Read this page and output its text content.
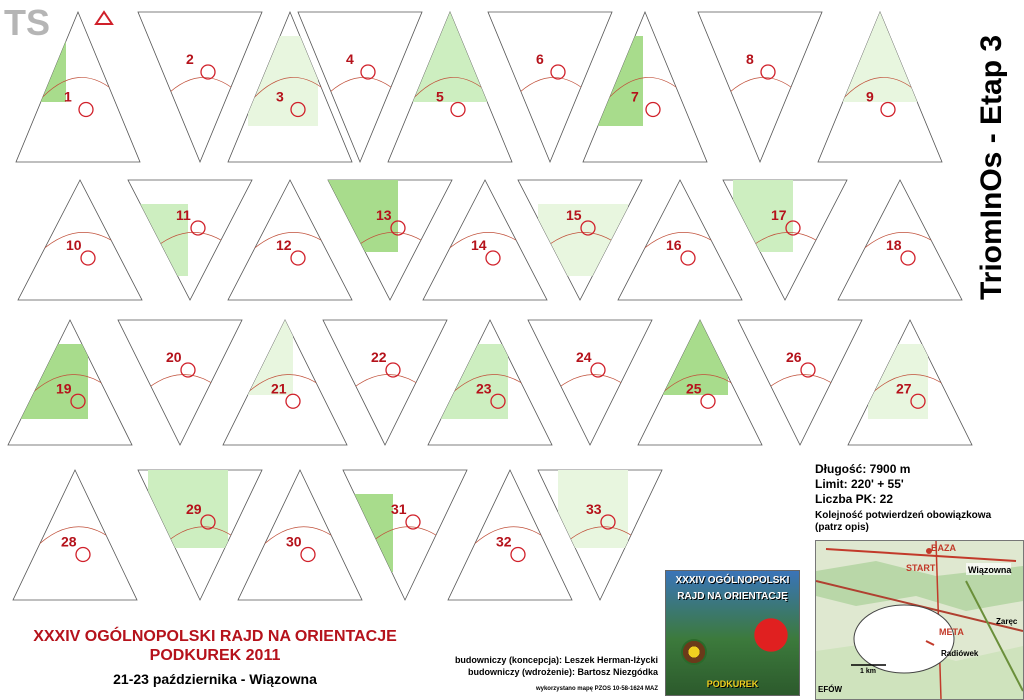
1
2
3
4
5
6
7
8
9
10
11
12
13
14
15
16
17
18
19
20
21
22
23
24
25
26
27
28
29
30
31
32
33
TS
TriomInOs - Etap 3
Długość: 7900 m
Limit: 220' + 55'
Liczba PK: 22
Kolejność potwierdzeń obowiązkowa
(patrz opis)
ETAP 3
BAZA
START
META
Wiązowna
Radiówek
Zaręc
EFÓW
1 km
XXXIV OGÓLNOPOLSKI
RAJD NA ORIENTACJĘ
PODKUREK
XXXIV OGÓLNOPOLSKI RAJD NA ORIENTACJE
PODKUREK 2011
21-23 października - Wiązowna
budowniczy (koncepcja): Leszek Herman-Iżycki
budowniczy (wdrożenie): Bartosz Niezgódka
wykorzystano mapę PZOS 10-58-1624 MAZ
